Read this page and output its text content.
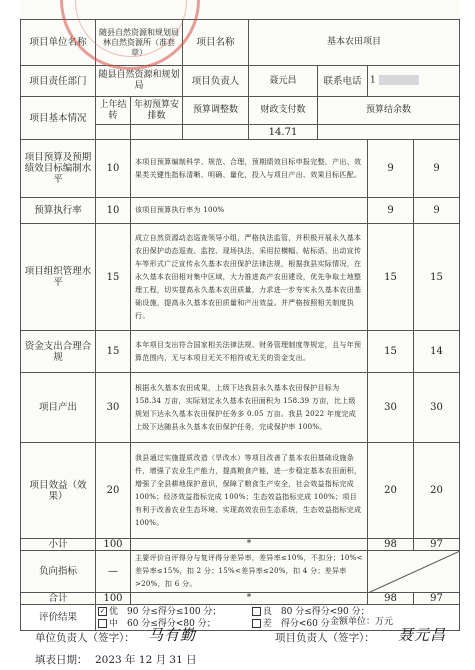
项目单位名称	随县自然资源和规划局林自然资源所（准套章）		项目名称	基本农田项目			
项目责任部门	随县自然资源和规划局		项目负责人	聂元昌	联系电话	1	
项目基本情况	上年结转	年初预算安排数	预算调整数	财政支付数	预算结余数		
				14.71			
项目预算及预期绩效目标编制水平	10	本项目预算编制科学、规范、合理，预期绩效目标申报完整，产出、效果类关键性指标清晰、明确、量化，投入与项目产出、效果目标匹配。				9	9
预算执行率	10	该项目预算执行率为 100%				9	9
项目组织管理水平	15	成立自然资源动态巡查领导小组，严格执法监管，并积极开展永久基本农田保护动态巡查、监控、现场执法，采用拉横幅、帖标语、出动宣传车等形式广泛宣传永久基本农田保护法律法规，根据我县实际情况，在永久基本农田相对集中区域，大力推进高产农田建设，优先争取土地整理工程，切实提高永久基本农田质量，力求进一步夯实永久基本农田基础设施，提高永久基本农田质量和产出效益。并严格按照相关制度执行。				15	15
资金支出合理合规	15	本年项目支出符合国家相关法律法规、财务管理制度等规定，且与年预算范围内，无与本项目无关不相符或无关的资金支出。				15	14
项目产出	30	根据永久基本农田成果，上级下达我县永久基本农田保护目标为 158.34 万亩，实际划定永久基本农田面积为 158.39 万亩，比上级规划下达永久基本农田保护任务多 0.05 万亩。我县 2022 年度完成上级下达随县永久基本农田保护任务，完成保护率 100%。				30	30
项目效益（效果）	20	我县通过实施提质改造（旱改水）等项目改善了基本农田基础设施条件，增强了农业生产能力，提高粮食产能，进一步稳定基本农田面积，增强了全县耕地保护意识，保障了粮食生产安全，社会效益指标完成 100%；经济效益指标完成 100%；生态效益指标完成 100%；项目有利于改善农业生态环境、实现高效农田生态系统，生态效益指标完成 100%。				20	20
小计	100	*				98	97
负向指标	—	主要评价自评得分与复评得分差异率，差异率≤10%，不扣分；10%<差异率≤15%，扣 2 分；15%<差异率≤20%，扣 4 分；差异率>20%，扣 6 分。	

合计	100	*				98	97
评价结果	✓ 优　90 分≤得分≤100 分； 良　80 分≤得分<90 分；
中　60 分≤得分<80 分； 差　得分<60 分						金额单位：万元
单位负责人（签字）： 马有勤	项目负责人（签字）： 聂元昌
填表日期： 2023 年 12 月 31 日
